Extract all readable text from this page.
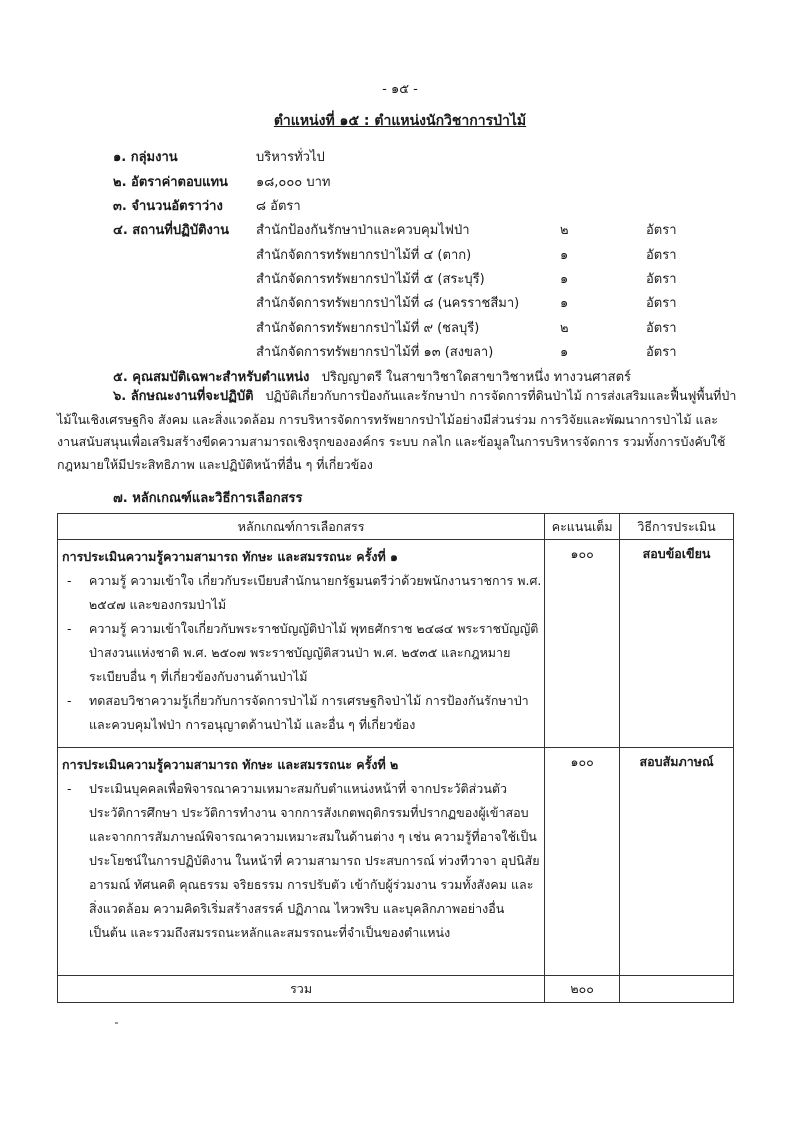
- ๑๕ -
ตำแหน่งที่ ๑๕ : ตำแหน่งนักวิชาการป่าไม้
๑. กลุ่มงาน	บริหารทั่วไป
๒. อัตราค่าตอบแทน ๑๘,๐๐๐ บาท
๓. จำนวนอัตราว่าง	๘ อัตรา
๔. สถานที่ปฏิบัติงาน สำนักป้องกันรักษาป่าและควบคุมไฟป่า	๒	อัตรา
สำนักจัดการทรัพยากรป่าไม้ที่ ๔ (ตาก)	๑	อัตรา
สำนักจัดการทรัพยากรป่าไม้ที่ ๕ (สระบุรี)	๑	อัตรา
สำนักจัดการทรัพยากรป่าไม้ที่ ๘ (นครราชสีมา)	๑	อัตรา
สำนักจัดการทรัพยากรป่าไม้ที่ ๙ (ชลบุรี)	๒	อัตรา
สำนักจัดการทรัพยากรป่าไม้ที่ ๑๓ (สงขลา)	๑	อัตรา
๕. คุณสมบัติเฉพาะสำหรับตำแหน่ง ปริญญาตรี ในสาขาวิชาใดสาขาวิชาหนึ่ง ทางวนศาสตร์
๖. ลักษณะงานที่จะปฏิบัติ ปฏิบัติเกี่ยวกับการป้องกันและรักษาป่า การจัดการที่ดินป่าไม้ การส่งเสริมและฟื้นฟูพื้นที่ป่าไม้ในเชิงเศรษฐกิจ สังคม และสิ่งแวดล้อม การบริหารจัดการทรัพยากรป่าไม้อย่างมีส่วนร่วม การวิจัยและพัฒนาการป่าไม้ และงานสนับสนุนเพื่อเสริมสร้างขีดความสามารถเชิงรุกขององค์กร ระบบ กลไก และข้อมูลในการบริหารจัดการ รวมทั้งการบังคับใช้กฎหมายให้มีประสิทธิภาพ และปฏิบัติหน้าที่อื่น ๆ ที่เกี่ยวข้อง
๗. หลักเกณฑ์และวิธีการเลือกสรร
หลักเกณฑ์การเลือกสรร	คะแนนเต็ม	วิธีการประเมิน

การประเมินความรู้ความสามารถ ทักษะ และสมรรถนะ ครั้งที่ ๑
-	ความรู้ ความเข้าใจ เกี่ยวกับระเบียบสำนักนายกรัฐมนตรีว่าด้วยพนักงานราชการ พ.ศ. ๒๕๔๗ และของกรมป่าไม้
-	ความรู้ ความเข้าใจเกี่ยวกับพระราชบัญญัติป่าไม้ พุทธศักราช ๒๔๘๔ พระราชบัญญัติป่าสงวนแห่งชาติ พ.ศ. ๒๕๐๗ พระราชบัญญัติสวนป่า พ.ศ. ๒๕๓๕ และกฎหมาย ระเบียบอื่น ๆ ที่เกี่ยวข้องกับงานด้านป่าไม้
-	ทดสอบวิชาความรู้เกี่ยวกับการจัดการป่าไม้ การเศรษฐกิจป่าไม้ การป้องกันรักษาป่าและควบคุมไฟป่า การอนุญาตด้านป่าไม้ และอื่น ๆ ที่เกี่ยวข้อง
	๑๐๐	สอบข้อเขียน

การประเมินความรู้ความสามารถ ทักษะ และสมรรถนะ ครั้งที่ ๒
- ประเมินบุคคลเพื่อพิจารณาความเหมาะสมกับตำแหน่งหน้าที่ จากประวัติส่วนตัว ประวัติการศึกษา ประวัติการทำงาน จากการสังเกตพฤติกรรมที่ปรากฏของผู้เข้าสอบและจากการสัมภาษณ์พิจารณาความเหมาะสมในด้านต่าง ๆ เช่น ความรู้ที่อาจใช้เป็นประโยชน์ในการปฏิบัติงาน ในหน้าที่ ความสามารถ ประสบการณ์ ท่วงทีวาจา อุปนิสัย อารมณ์ ทัศนคติ คุณธรรม จริยธรรม การปรับตัว เข้ากับผู้ร่วมงาน รวมทั้งสังคม และสิ่งแวดล้อม ความคิดริเริ่มสร้างสรรค์ ปฏิภาณ ไหวพริบ และบุคลิกภาพอย่างอื่น เป็นต้น และรวมถึงสมรรถนะหลักและสมรรถนะที่จำเป็นของตำแหน่ง	๑๐๐	สอบสัมภาษณ์
รวม	๒๐๐	
